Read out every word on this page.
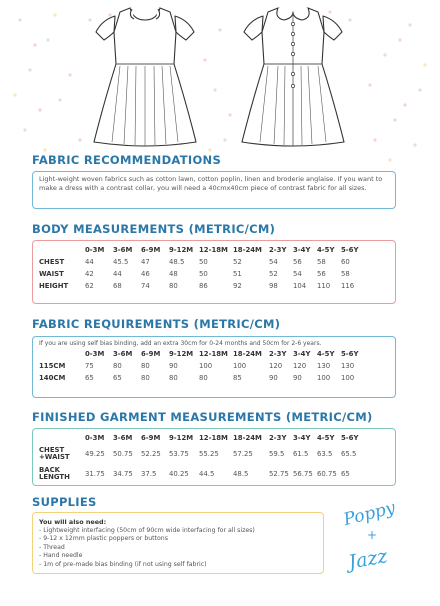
FABRIC RECOMMENDATIONS
Light-weight woven fabrics such as cotton lawn, cotton poplin, linen and broderie anglaise. If you want to make a dress with a contrast collar, you will need a 40cmx40cm piece of contrast fabric for all sizes.
BODY MEASUREMENTS (METRIC/CM)
	0-3M	3-6M	6-9M	9-12M	12-18M	18-24M	2-3Y	3-4Y	4-5Y	5-6Y
CHEST	44	45.5	47	48.5	50	52	54	56	58	60
WAIST	42	44	46	48	50	51	52	54	56	58
HEIGHT	62	68	74	80	86	92	98	104	110	116
FABRIC REQUIREMENTS (METRIC/CM)
If you are using self bias binding, add an extra 30cm for 0-24 months and 50cm for 2-6 years.
	0-3M	3-6M	6-9M	9-12M	12-18M	18-24M	2-3Y	3-4Y	4-5Y	5-6Y
115CM	75	80	80	90	100	100	120	120	130	130
140CM	65	65	80	80	80	85	90	90	100	100
FINISHED GARMENT MEASUREMENTS (METRIC/CM)
	0-3M	3-6M	6-9M	9-12M	12-18M	18-24M	2-3Y	3-4Y	4-5Y	5-6Y
CHEST
+WAIST	49.25	50.75	52.25	53.75	55.25	57.25	59.5	61.5	63.5	65.5
BACK
LENGTH	31.75	34.75	37.5	40.25	44.5	48.5	52.75	56.75	60.75	65
SUPPLIES
You will also need:
- Lightweight interfacing (50cm of 90cm wide interfacing for all sizes)
- 9-12 x 12mm plastic poppers or buttons
- Thread
- Hand needle
- 1m of pre-made bias binding (if not using self fabric)
Poppy
+
Jazz
